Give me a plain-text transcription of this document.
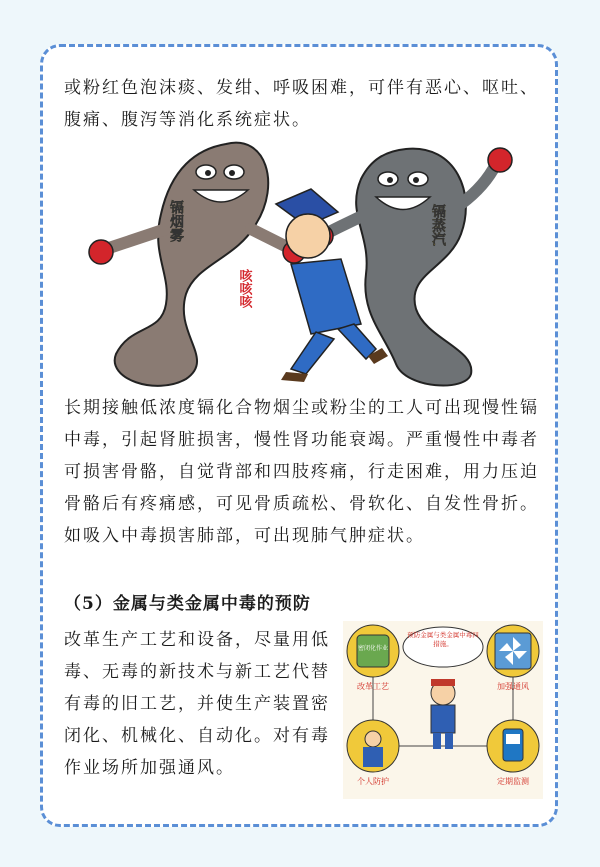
或粉红色泡沫痰、发绀、呼吸困难，可伴有恶心、呕吐、腹痛、腹泻等消化系统症状。

镉烟雾	镉蒸汽
咳咳咳

长期接触低浓度镉化合物烟尘或粉尘的工人可出现慢性镉中毒，引起肾脏损害，慢性肾功能衰竭。严重慢性中毒者可损害骨骼，自觉背部和四肢疼痛，行走困难，用力压迫骨骼后有疼痛感，可见骨质疏松、骨软化、自发性骨折。如吸入中毒损害肺部，可出现肺气肿症状。

（5）金属与类金属中毒的预防

改革生产工艺和设备，尽量用低毒、无毒的新技术与新工艺代替有毒的旧工艺，并使生产装置密闭化、机械化、自动化。对有毒作业场所加强通风。

密闭化作业
改革工艺
预防金属与类金属中毒四措施。
加强通风
个人防护	定期监测
